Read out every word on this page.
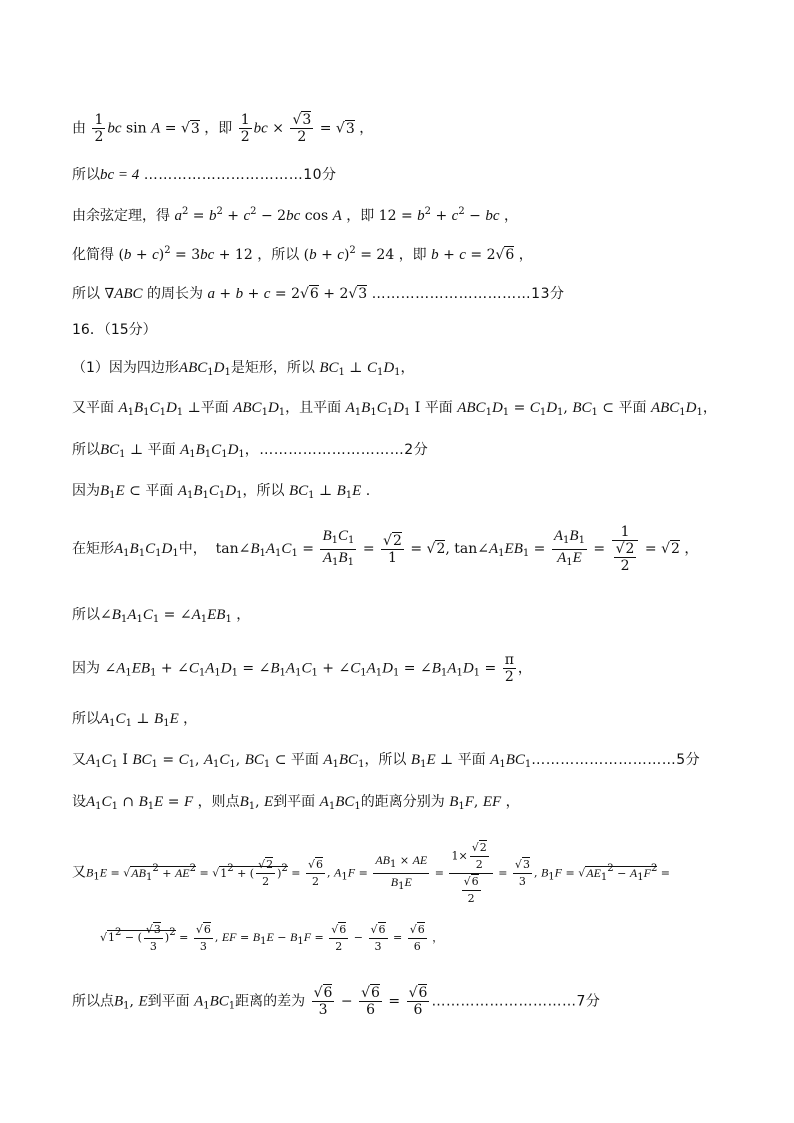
由 $\frac{1}{2}$ bc sin A = √3 ，即 $\frac{1}{2}$ bc × $\frac{√3}{2} = √3$ ，
所以bc = 4 ……………………………10分
由余弦定理，得 $a^2 = b^2 + c^2 - 2bc$ cos A ，即 $12 = b^2 + c^2$ − bc ，
化简得 $(b + c)^2 = 3bc + 12$ ，所以 $(b + c)^2 = 24$ ，即 b + c = 2√6 ，
所以 ∇ABC 的周长为 a + b + c = 2√6 + 2√3 ……………………………13分
16．（15分）
（1）因为四边形$ABC_1D_1$是矩形，所以 $BC_1$ ⊥ $C_1D_1$，
又平面 $A_1B_1C_1D_1$ ⊥平面 $ABC_1D_1$，且平面 $A_1B_1C_1D_1$ I 平面 $ABC_1D_1 = C_1D_1$, $BC_1$ ⊂ 平面 $ABC_1D_1$，
所以$BC_1$ ⊥ 平面 $A_1B_1C_1D_1$，…………………………2分
因为$B_1E$ ⊂ 平面 $A_1B_1C_1D_1$，所以 $BC_1$ ⊥ $B_1E$ .
在矩形$A_1B_1C_1D_1$中，  $\tan\angle B_1A_1C_1 = \frac{B_1C_1}{A_1B_1} = \frac{√2}{1} = √2$, $\tan\angle A_1EB_1 = \frac{A_1B_1}{A_1E} = \frac{1}{\frac{√2}{2}} = √2$ ，
所以$\angle B_1A_1C_1$ = $\angle A_1EB_1$ ，
因为 $\angle A_1EB_1$ + $\angle C_1A_1D_1$ = $\angle B_1A_1C_1$ + $\angle C_1A_1D_1$ = $\angle B_1A_1D_1 = \frac{\pi}{2}$ ，
所以$A_1C_1$ ⊥ $B_1E$ ，
又$A_1C_1$ I $BC_1 = C_1$, $A_1C_1$, $BC_1$ ⊂ 平面 $A_1BC_1$，所以 $B_1E$ ⊥ 平面 $A_1BC_1\dots\dots\dots\dots\dots\dots\dots\dots\dots\dots 5$分
设$A_1C_1$ ∩ $B_1E = F$ ，则点$B_1$, E到平面 $A_1BC_1$的距离分别为 $B_1F$, EF ，
又B1E = √AB12 + AE2 = √12 + ( $\frac{√2}{2} )2 = \frac{√6}{2}$ , $A1F = \frac{AB1 \times AE}{B1E} = \frac{1\times \frac{√2}{2}}{\frac{√6}{2}} = \frac{√3}{3}$ , B1F = √AE12 − A1F2 =
√12 − ( $\frac{√3}{3} )2 = \frac{√6}{3}$ , EF = $B1E - B1F = \frac{√6}{2} - \frac{√6}{3} = \frac{√6}{6}$ ，
所以点$B_1$, E到平面 $A_1BC_1$距离的差为 $\frac{√6}{3} - \frac{√6}{6} = \frac{√6}{6}$ …………………………7分
